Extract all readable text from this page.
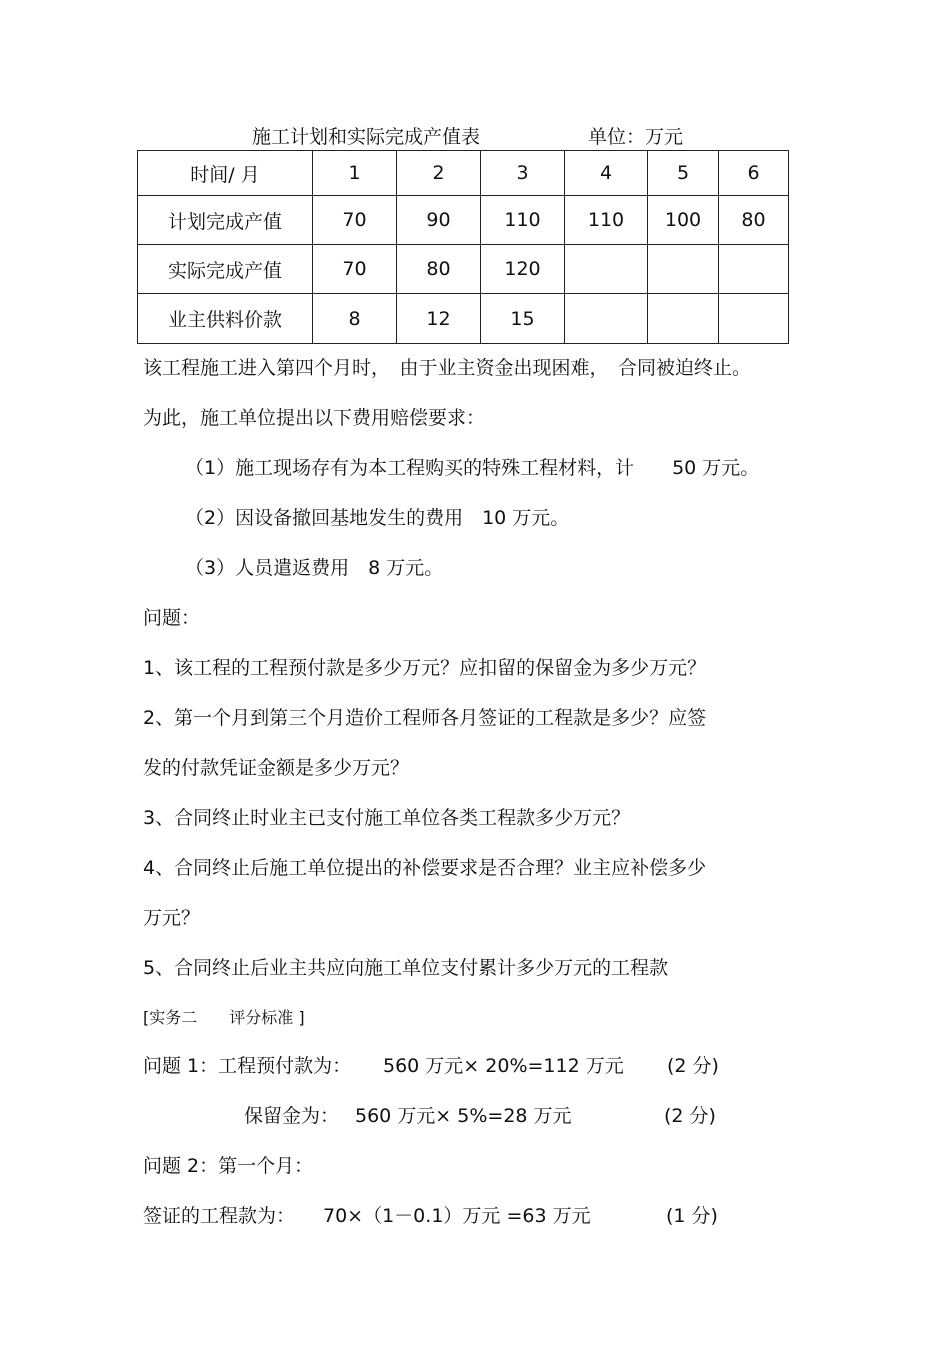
施工计划和实际完成产值表	单位：万元
时间/ 月	1	2	3	4	5	6
计划完成产值	70	90	110	110	100	80
实际完成产值	70	80	120			
业主供料价款	8	12	15			
该工程施工进入第四个月时，　由于业主资金出现困难，　合同被迫终止。
为此，施工单位提出以下费用赔偿要求：
（1）施工现场存有为本工程购买的特殊工程材料，计　　50 万元。
（2）因设备撤回基地发生的费用　10 万元。
（3）人员遣返费用　8 万元。
问题：
1、该工程的工程预付款是多少万元？应扣留的保留金为多少万元？
2、第一个月到第三个月造价工程师各月签证的工程款是多少？应签
发的付款凭证金额是多少万元？
3、合同终止时业主已支付施工单位各类工程款多少万元？
4、合同终止后施工单位提出的补偿要求是否合理？业主应补偿多少
万元？
5、合同终止后业主共应向施工单位支付累计多少万元的工程款
[实务二　　评分标准 ]
问题 1：工程预付款为： 560 万元× 20%=112 万元 (2 分)
保留金为： 560 万元× 5%=28 万元	(2 分)
问题 2：第一个月：
签证的工程款为： 70×（1－0.1）万元 =63 万元	(1 分)
